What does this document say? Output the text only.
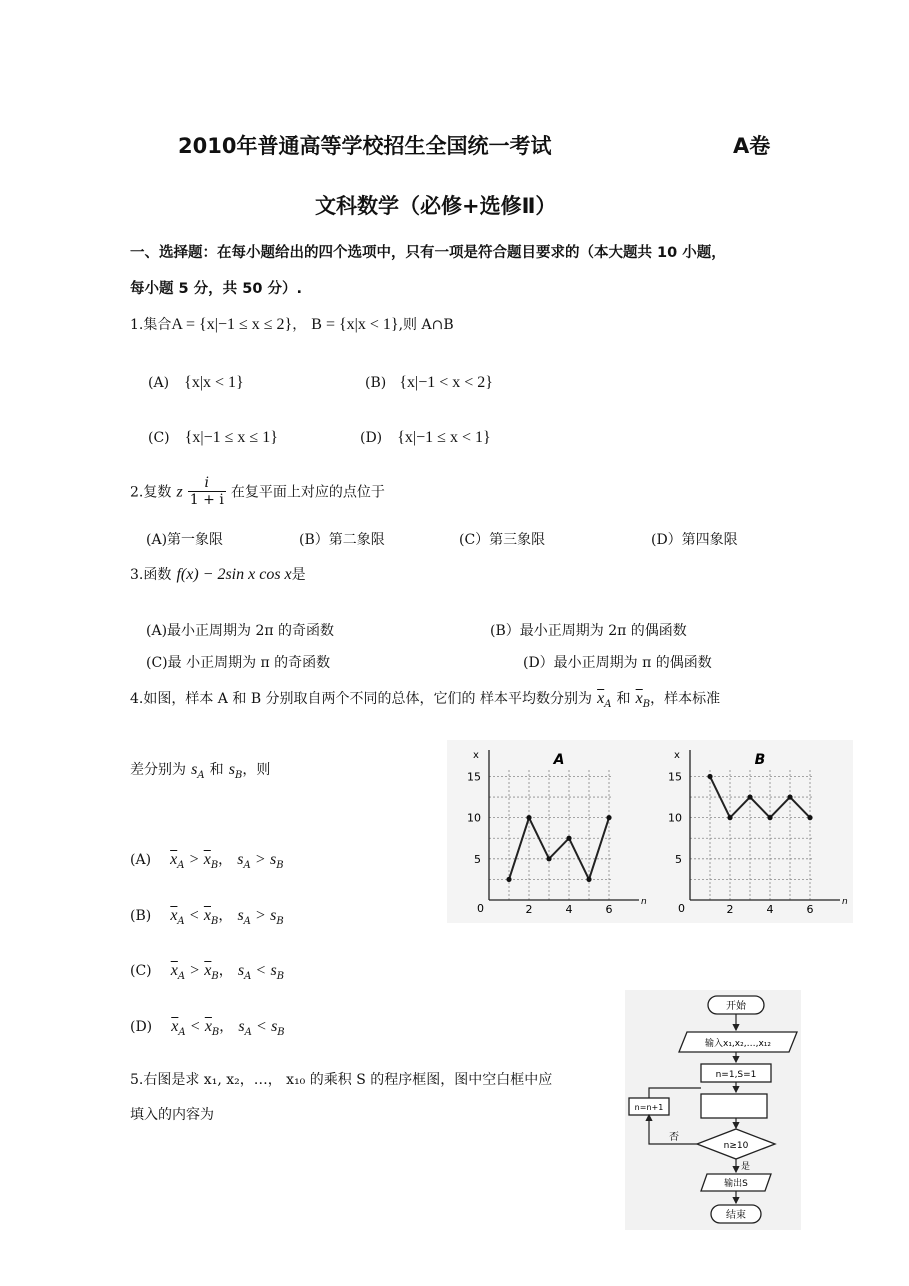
2010年普通高等学校招生全国统一考试	A卷
文科数学（必修+选修Ⅱ）
一、选择题：在每小题给出的四个选项中，只有一项是符合题目要求的（本大题共 10 小题，
每小题 5 分，共 50 分）.
1.集合A = {x|−1 ≤ x ≤ 2}， B = {x|x < 1},则 A∩B
(A) {x|x < 1}	(B) {x|−1 < x < 2}
(C) {x|−1 ≤ x ≤ 1}	(D) {x|−1 ≤ x < 1}
2.复数 z $\frac{i}{1 + i}$ 在复平面上对应的点位于
(A)第一象限	(B）第二象限	(C）第三象限	(D）第四象限
3.函数 f(x) − 2sin x cos x是
(A)最小正周期为 2π 的奇函数	(B）最小正周期为 2π 的偶函数
(C)最 小正周期为 π 的奇函数	(D）最小正周期为 π 的偶函数
4.如图，样本 A 和 B 分别取自两个不同的总体，它们的 样本平均数分别为 $\overline{x}_A$ 和 $\overline{x}_B$，样本标准
差分别为 $s_A$ 和 $s_B$，则
(A) $\overline{x}_A > \overline{x}_B$， $s_A > s_B$
(B) $\overline{x}_A < \overline{x}_B$， $s_A > s_B$
(C) $\overline{x}_A > \overline{x}_B$， $s_A < s_B$
(D) $\overline{x}_A < \overline{x}_B$， $s_A < s_B$
x
n
0
A
2	4	6
5
10
15
x
n
0
B
2	4	6
5
10
15
5.右图是求 x₁, x₂，…， x₁₀ 的乘积 S 的程序框图，图中空白框中应
填入的内容为
开始
输入x₁,x₂,…,x₁₂
n=1,S=1
n=n+1
n≥10
否
是
输出S
结束
